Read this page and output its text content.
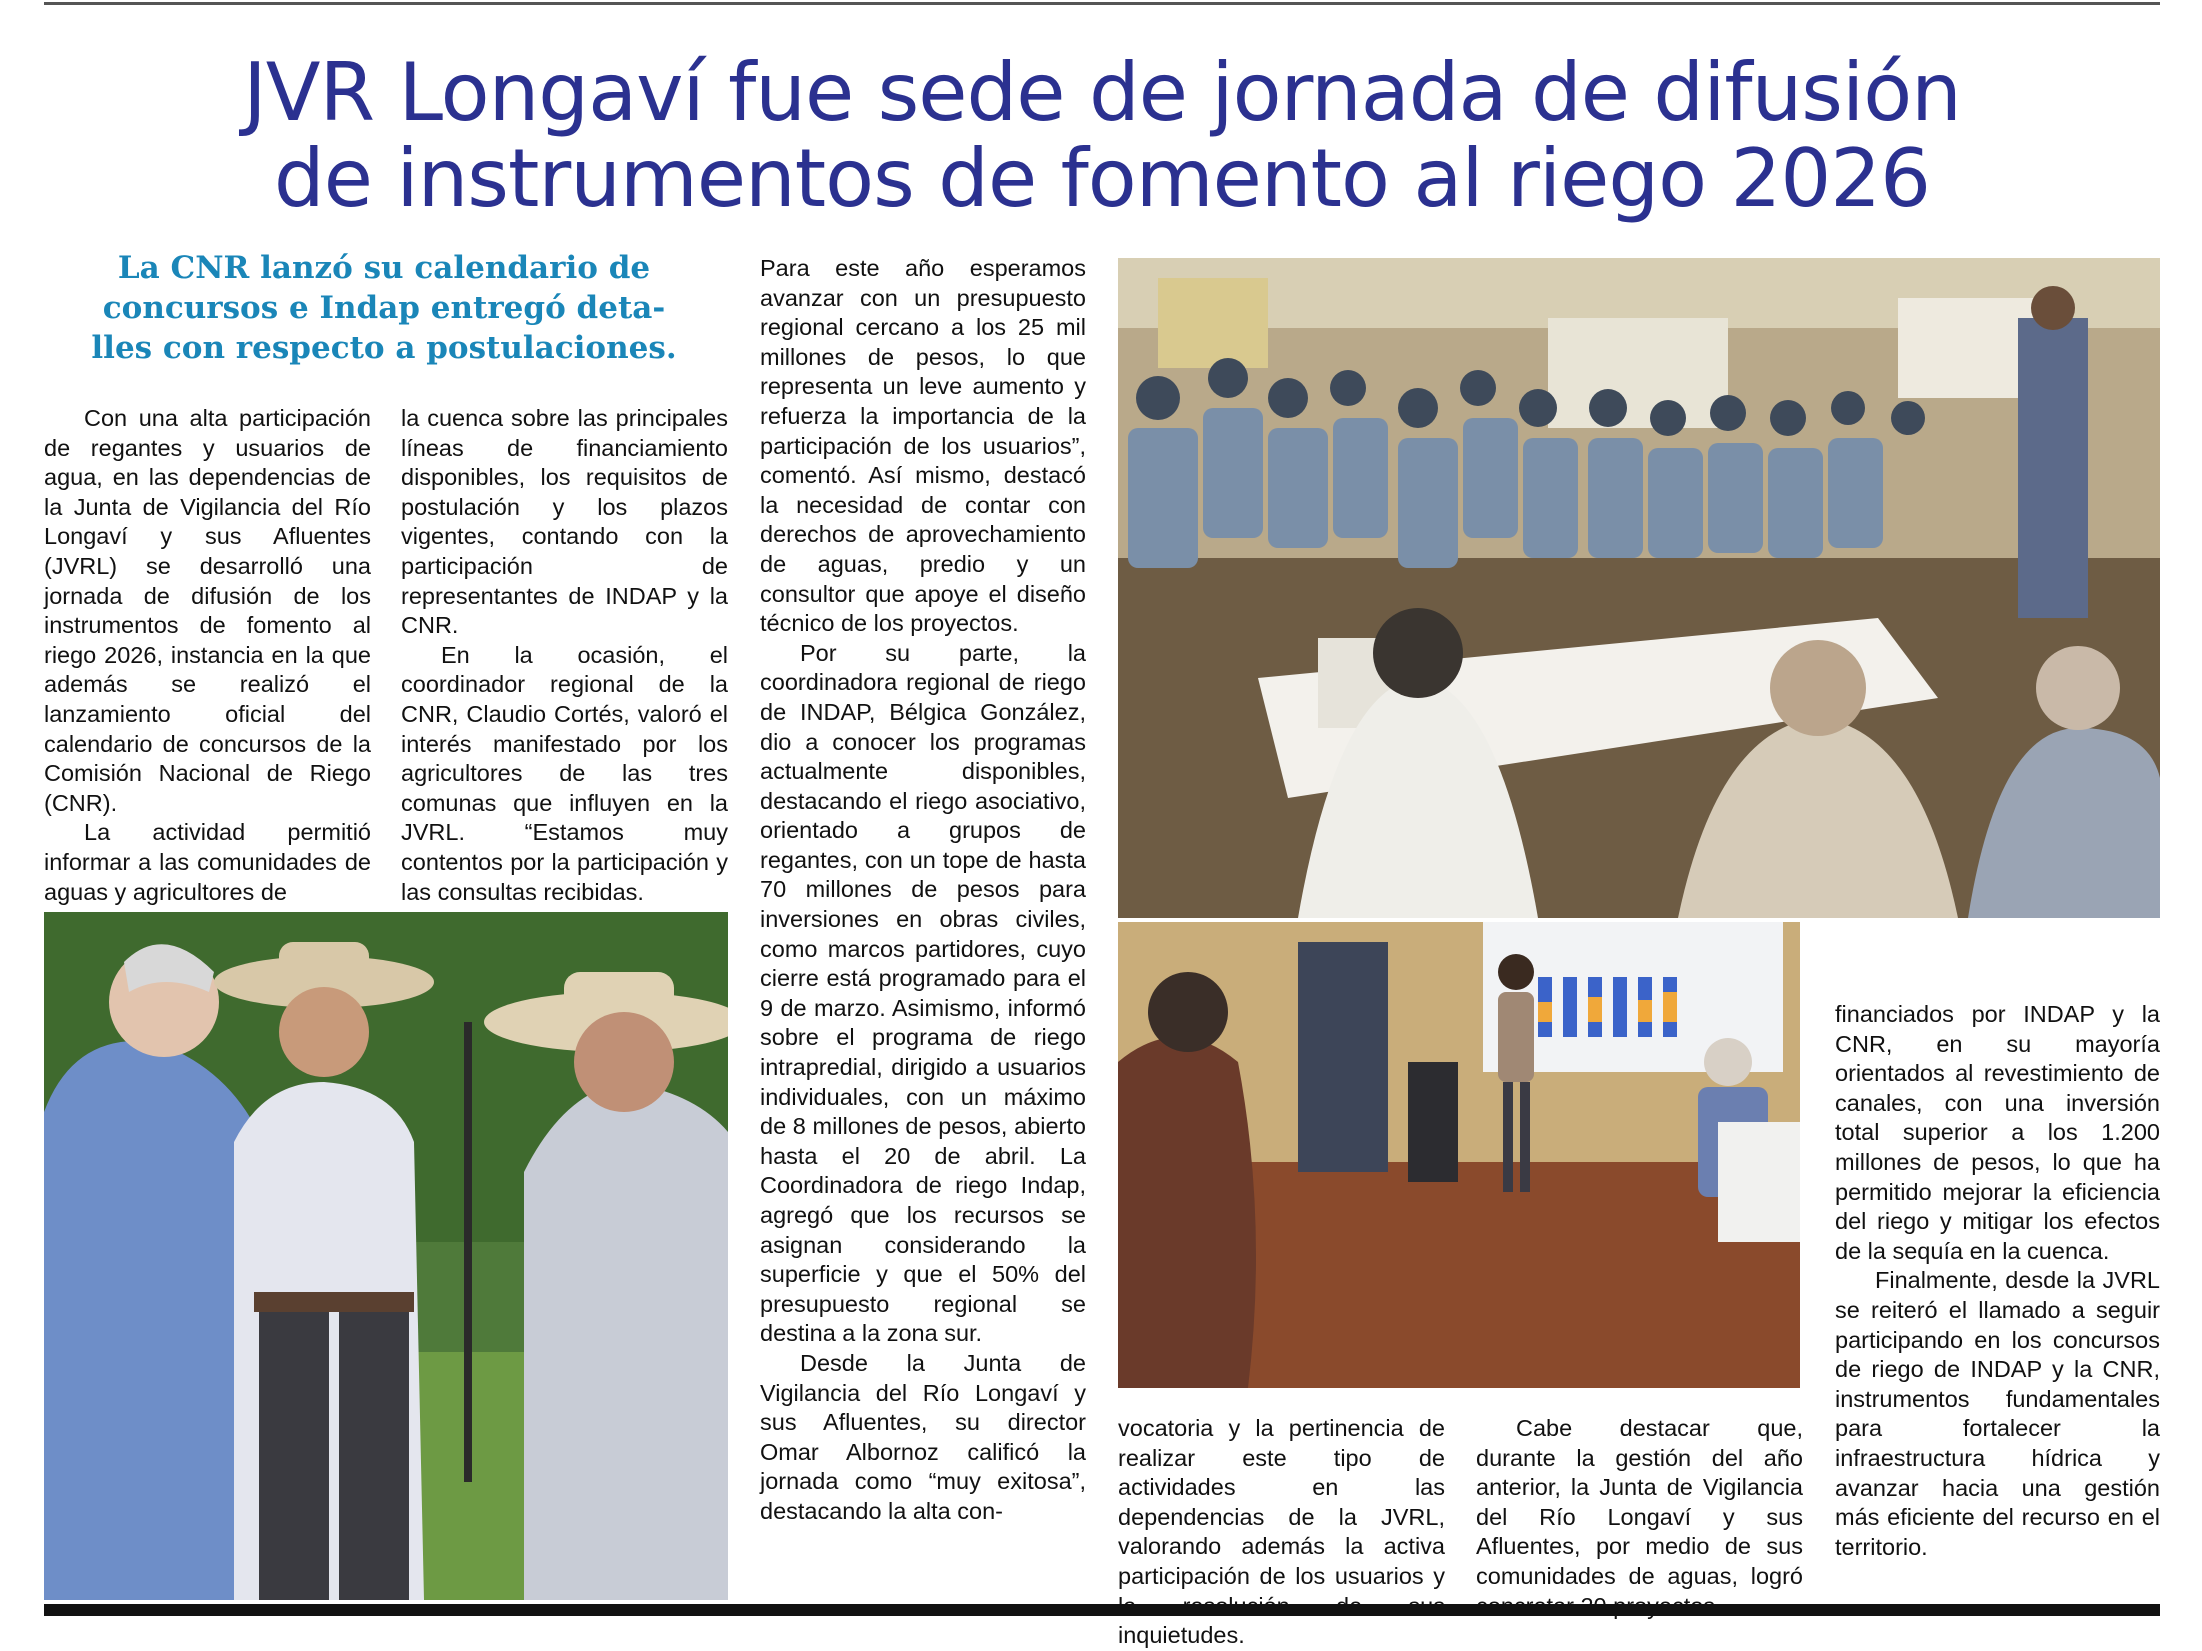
JVR Longaví fue sede de jornada de difusión
de instrumentos de fomento al riego 2026
La CNR lanzó su calendario de
concursos e Indap entregó deta-
lles con respecto a postulaciones.

Con una alta participación de regantes y usuarios de agua, en las dependencias de la Junta de Vigilancia del Río Longaví y sus Afluentes (JVRL) se desarrolló una jornada de difusión de los instrumentos de fomento al riego 2026, instancia en la que además se realizó el lanzamiento oficial del calendario de concursos de la Comisión Nacional de Riego (CNR).

La actividad permitió informar a las comunidades de aguas y agricultores de

la cuenca sobre las principales líneas de financiamiento disponibles, los requisitos de postulación y los plazos vigentes, contando con la participación de representantes de INDAP y la CNR.

En la ocasión, el coordinador regional de la CNR, Claudio Cortés, valoró el interés manifestado por los agricultores de las tres comunas que influyen en la JVRL. “Estamos muy contentos por la participación y las consultas recibidas.

Para este año esperamos avanzar con un presupuesto regional cercano a los 25 mil millones de pesos, lo que representa un leve aumento y refuerza la importancia de la participación de los usuarios”, comentó. Así mismo, destacó la necesidad de contar con derechos de aprovechamiento de aguas, predio y un consultor que apoye el diseño técnico de los proyectos.

Por su parte, la coordinadora regional de riego de INDAP, Bélgica González, dio a conocer los programas actualmente disponibles, destacando el riego asociativo, orientado a grupos de regantes, con un tope de hasta 70 millones de pesos para inversiones en obras civiles, como marcos partidores, cuyo cierre está programado para el 9 de marzo. Asimismo, informó sobre el programa de riego intrapredial, dirigido a usuarios individuales, con un máximo de 8 millones de pesos, abierto hasta el 20 de abril. La Coordinadora de riego Indap, agregó que los recursos se asignan considerando la superficie y que el 50% del presupuesto regional se destina a la zona sur.

Desde la Junta de Vigilancia del Río Longaví y sus Afluentes, su director Omar Albornoz calificó la jornada como “muy exitosa”, destacando la alta con-

vocatoria y la pertinencia de realizar este tipo de actividades en las dependencias de la JVRL, valorando además la activa participación de los usuarios y inquietudes.

Cabe destacar que, durante la gestión del año anterior, la Junta de Vigilancia del Río Longaví y sus Afluentes, por medio de sus comunidades de aguas, logró

financiados por INDAP y la CNR, en su mayoría orientados al revestimiento de canales, con una inversión total superior a los 1.200 millones de pesos, lo que ha permitido mejorar la eficiencia del riego y mitigar los efectos de la sequía en la cuenca.

Finalmente, desde la JVRL se reiteró el llamado a seguir participando en los concursos de riego de INDAP y la CNR, instrumentos fundamentales para fortalecer la infraestructura hídrica y avanzar hacia una gestión más eficiente del recurso en el territorio.
